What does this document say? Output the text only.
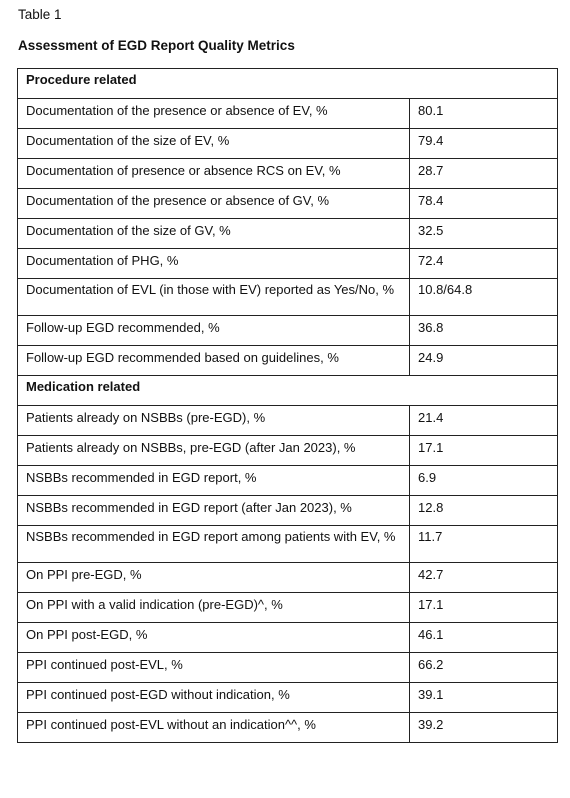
Table 1
Assessment of EGD Report Quality Metrics
Procedure related	
Documentation of the presence or absence of EV, %	80.1
Documentation of the size of EV, %	79.4
Documentation of presence or absence RCS on EV, %	28.7
Documentation of the presence or absence of GV, %	78.4
Documentation of the size of GV, %	32.5
Documentation of PHG, %	72.4
Documentation of EVL (in those with EV) reported as Yes/No, %	10.8/64.8
Follow-up EGD recommended, %	36.8
Follow-up EGD recommended based on guidelines, %	24.9
Medication related	
Patients already on NSBBs (pre-EGD), %	21.4
Patients already on NSBBs, pre-EGD (after Jan 2023), %	17.1
NSBBs recommended in EGD report, %	6.9
NSBBs recommended in EGD report (after Jan 2023), %	12.8
NSBBs recommended in EGD report among patients with EV, %	11.7
On PPI pre-EGD, %	42.7
On PPI with a valid indication (pre-EGD)^, %	17.1
On PPI post-EGD, %	46.1
PPI continued post-EVL, %	66.2
PPI continued post-EGD without indication, %	39.1
PPI continued post-EVL without an indication^^, %	39.2
